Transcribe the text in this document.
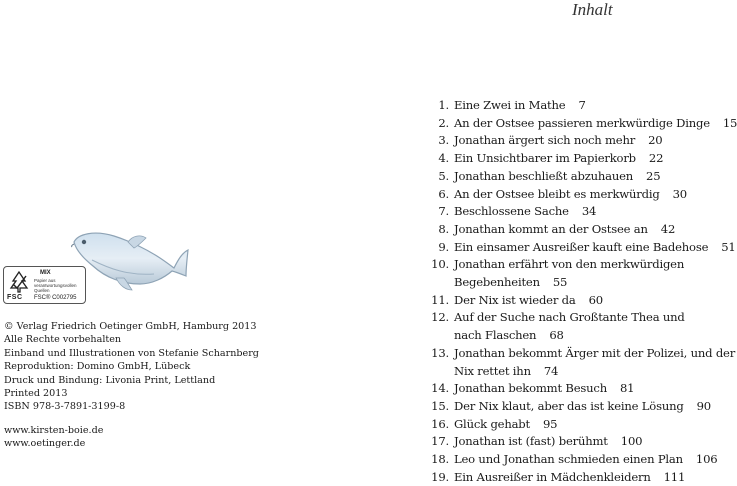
Inhalt
FSC
MIX
Papier aus verantwortungsvollen Quellen
FSC® C002795
© Verlag Friedrich Oetinger GmbH, Hamburg 2013
Alle Rechte vorbehalten
Einband und Illustrationen von Stefanie Scharnberg
Reproduktion: Domino GmbH, Lübeck
Druck und Bindung: Livonia Print, Lettland
Printed 2013
ISBN 978-3-7891-3199-8
www.kirsten-boie.de
www.oetinger.de
1. Eine Zwei in Mathe	7
2. An der Ostsee passieren merkwürdige Dinge	15
3. Jonathan ärgert sich noch mehr	20
4. Ein Unsichtbarer im Papierkorb	22
5. Jonathan beschließt abzuhauen	25
6. An der Ostsee bleibt es merkwürdig	30
7. Beschlossene Sache	34
8. Jonathan kommt an der Ostsee an	42
9. Ein einsamer Ausreißer kauft eine Badehose	51
10. Jonathan erfährt von den merkwürdigen
Begebenheiten	55
11. Der Nix ist wieder da	60
12. Auf der Suche nach Großtante Thea und
nach Flaschen	68
13. Jonathan bekommt Ärger mit der Polizei, und der
Nix rettet ihn	74
14. Jonathan bekommt Besuch	81
15. Der Nix klaut, aber das ist keine Lösung	90
16. Glück gehabt	95
17. Jonathan ist (fast) berühmt	100
18. Leo und Jonathan schmieden einen Plan	106
19. Ein Ausreißer in Mädchenkleidern	111
